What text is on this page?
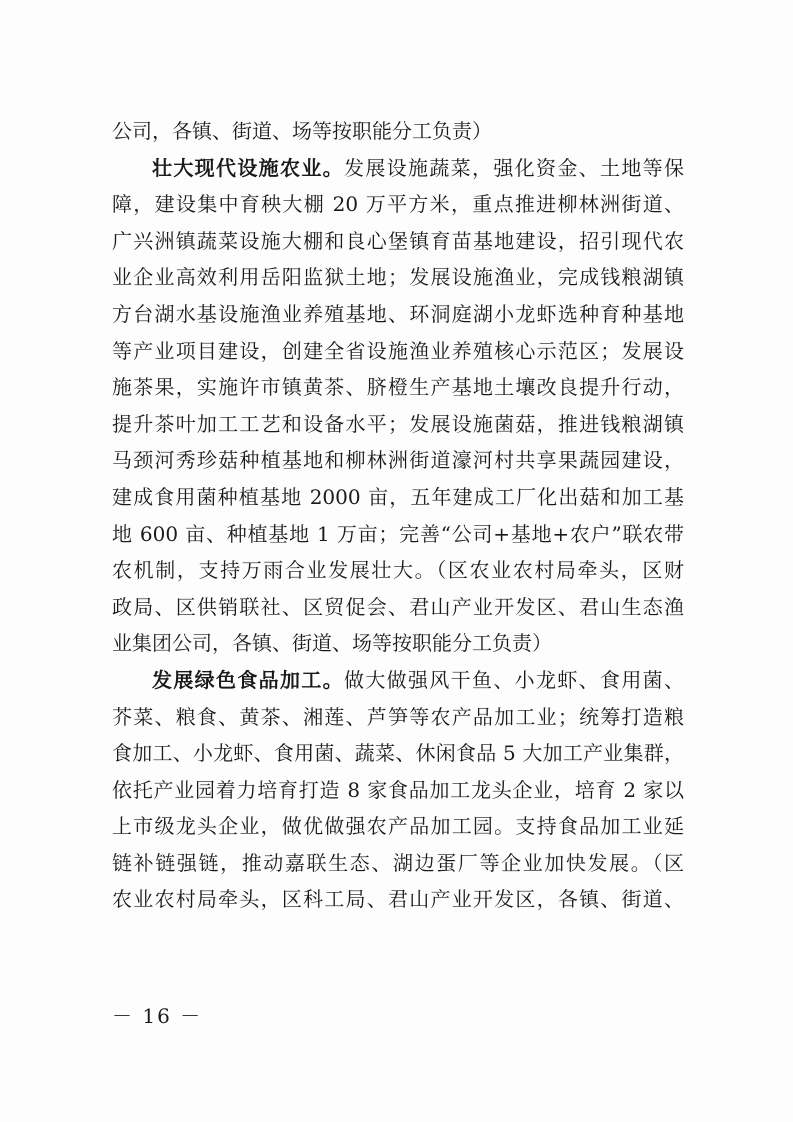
公司，各镇、街道、场等按职能分工负责）
壮大现代设施农业。发展设施蔬菜，强化资金、土地等保
障，建设集中育秧大棚 20 万平方米，重点推进柳林洲街道、
广兴洲镇蔬菜设施大棚和良心堡镇育苗基地建设，招引现代农
业企业高效利用岳阳监狱土地；发展设施渔业，完成钱粮湖镇
方台湖水基设施渔业养殖基地、环洞庭湖小龙虾选种育种基地
等产业项目建设，创建全省设施渔业养殖核心示范区；发展设
施茶果，实施许市镇黄茶、脐橙生产基地土壤改良提升行动，
提升茶叶加工工艺和设备水平；发展设施菌菇，推进钱粮湖镇
马颈河秀珍菇种植基地和柳林洲街道濠河村共享果蔬园建设，
建成食用菌种植基地 2000 亩，五年建成工厂化出菇和加工基
地 600 亩、种植基地 1 万亩；完善“公司+基地+农户”联农带
农机制，支持万雨合业发展壮大。（区农业农村局牵头，区财
政局、区供销联社、区贸促会、君山产业开发区、君山生态渔
业集团公司，各镇、街道、场等按职能分工负责）
发展绿色食品加工。做大做强风干鱼、小龙虾、食用菌、
芥菜、粮食、黄茶、湘莲、芦笋等农产品加工业；统筹打造粮
食加工、小龙虾、食用菌、蔬菜、休闲食品 5 大加工产业集群，
依托产业园着力培育打造 8 家食品加工龙头企业，培育 2 家以
上市级龙头企业，做优做强农产品加工园。支持食品加工业延
链补链强链，推动嘉联生态、湖边蛋厂等企业加快发展。（区
农业农村局牵头，区科工局、君山产业开发区，各镇、街道、
－ 16 －
